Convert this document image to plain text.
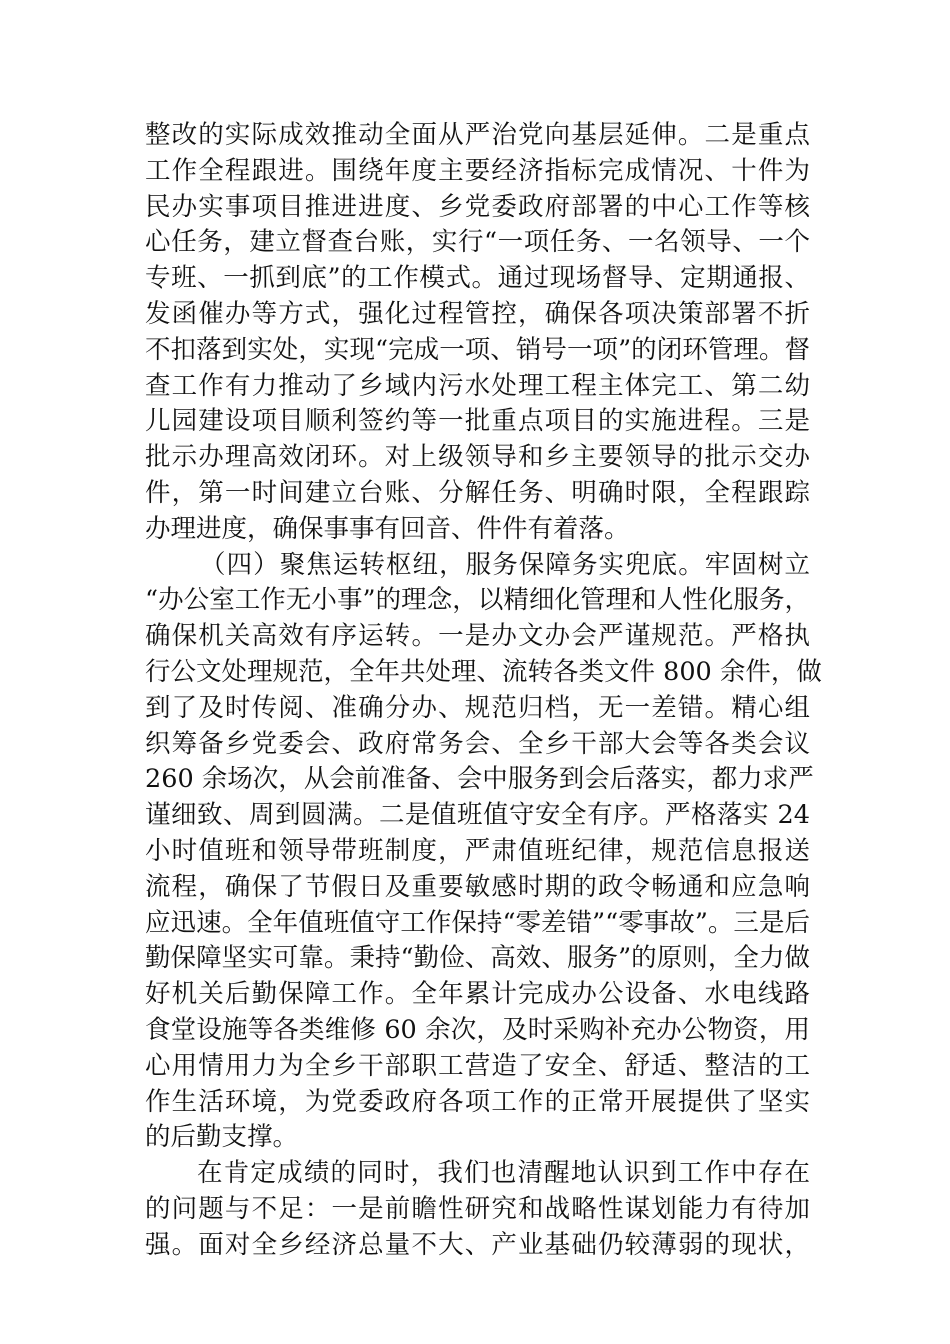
整改的实际成效推动全面从严治党向基层延伸。二是重点
工作全程跟进。围绕年度主要经济指标完成情况、十件为
民办实事项目推进进度、乡党委政府部署的中心工作等核
心任务，建立督查台账，实行“一项任务、一名领导、一个
专班、一抓到底”的工作模式。通过现场督导、定期通报、
发函催办等方式，强化过程管控，确保各项决策部署不折
不扣落到实处，实现“完成一项、销号一项”的闭环管理。督
查工作有力推动了乡域内污水处理工程主体完工、第二幼
儿园建设项目顺利签约等一批重点项目的实施进程。三是
批示办理高效闭环。对上级领导和乡主要领导的批示交办
件，第一时间建立台账、分解任务、明确时限，全程跟踪
办理进度，确保事事有回音、件件有着落。
（四）聚焦运转枢纽，服务保障务实兜底。牢固树立
“办公室工作无小事”的理念，以精细化管理和人性化服务，
确保机关高效有序运转。一是办文办会严谨规范。严格执
行公文处理规范，全年共处理、流转各类文件 800 余件，做
到了及时传阅、准确分办、规范归档，无一差错。精心组
织筹备乡党委会、政府常务会、全乡干部大会等各类会议
260 余场次，从会前准备、会中服务到会后落实，都力求严
谨细致、周到圆满。二是值班值守安全有序。严格落实 24
小时值班和领导带班制度，严肃值班纪律，规范信息报送
流程，确保了节假日及重要敏感时期的政令畅通和应急响
应迅速。全年值班值守工作保持“零差错”“零事故”。三是后
勤保障坚实可靠。秉持“勤俭、高效、服务”的原则，全力做
好机关后勤保障工作。全年累计完成办公设备、水电线路
食堂设施等各类维修 60 余次，及时采购补充办公物资，用
心用情用力为全乡干部职工营造了安全、舒适、整洁的工
作生活环境，为党委政府各项工作的正常开展提供了坚实
的后勤支撑。
在肯定成绩的同时，我们也清醒地认识到工作中存在
的问题与不足：一是前瞻性研究和战略性谋划能力有待加
强。面对全乡经济总量不大、产业基础仍较薄弱的现状，
